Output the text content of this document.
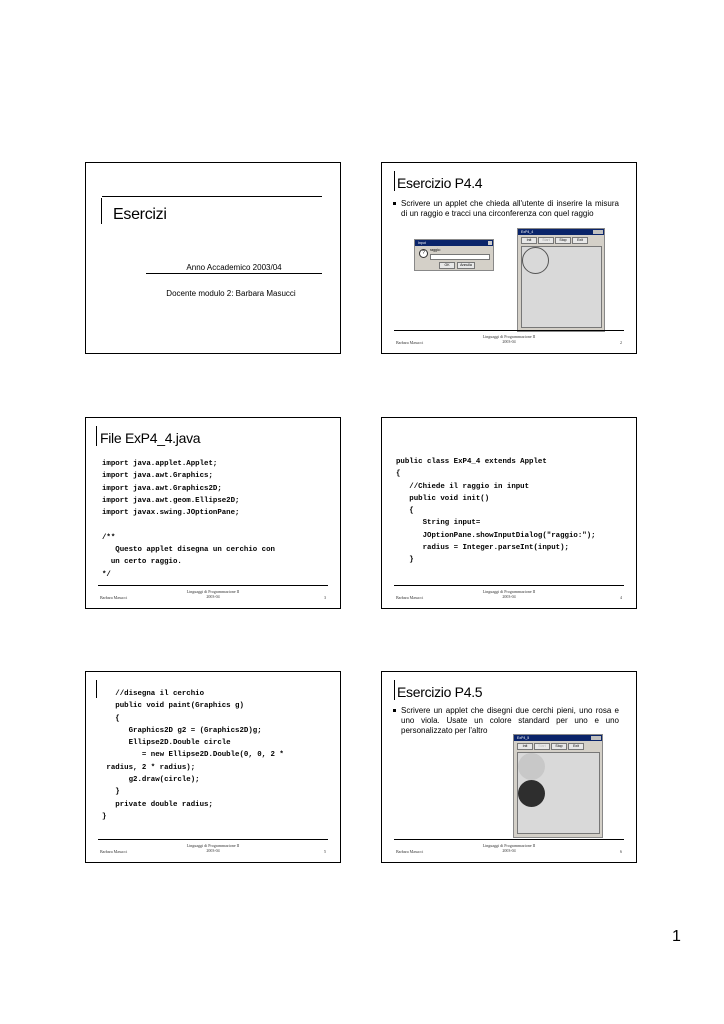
Esercizi
Anno Accademico 2003/04
Docente modulo 2: Barbara Masucci
Esercizio P4.4
Scrivere un applet che chieda all'utente di inserire la misura di un raggio e tracci una circonferenza con quel raggio
Input
?	raggio:
OK	Annulla
ExP4_4
Init	Start	Stop	Exit
Barbara Masucci
Linguaggi di Programmazione II
2003-04	2
File ExP4_4.java
import java.applet.Applet;
import java.awt.Graphics;
import java.awt.Graphics2D;
import java.awt.geom.Ellipse2D;
import javax.swing.JOptionPane;

/**
Questo applet disegna un cerchio con
un certo raggio.
*/
Barbara Masucci
Linguaggi di Programmazione II
2003-04	3
public class ExP4_4 extends Applet
{
//Chiede il raggio in input
public void init()
{
String input=
JOptionPane.showInputDialog("raggio:");
radius = Integer.parseInt(input);
}
Barbara Masucci
Linguaggi di Programmazione II
2003-04	4
//disegna il cerchio
public void paint(Graphics g)
{
Graphics2D g2 = (Graphics2D)g;
Ellipse2D.Double circle
= new Ellipse2D.Double(0, 0, 2 *
radius, 2 * radius);
g2.draw(circle);
}
private double radius;
}
Barbara Masucci
Linguaggi di Programmazione II
2003-04	5
Esercizio P4.5
Scrivere un applet che disegni due cerchi pieni, uno rosa e uno viola. Usate un colore standard per uno e uno personalizzato per l'altro
ExP4_5
Init	Start	Stop	Exit
Barbara Masucci
Linguaggi di Programmazione II
2003-04	6
1
